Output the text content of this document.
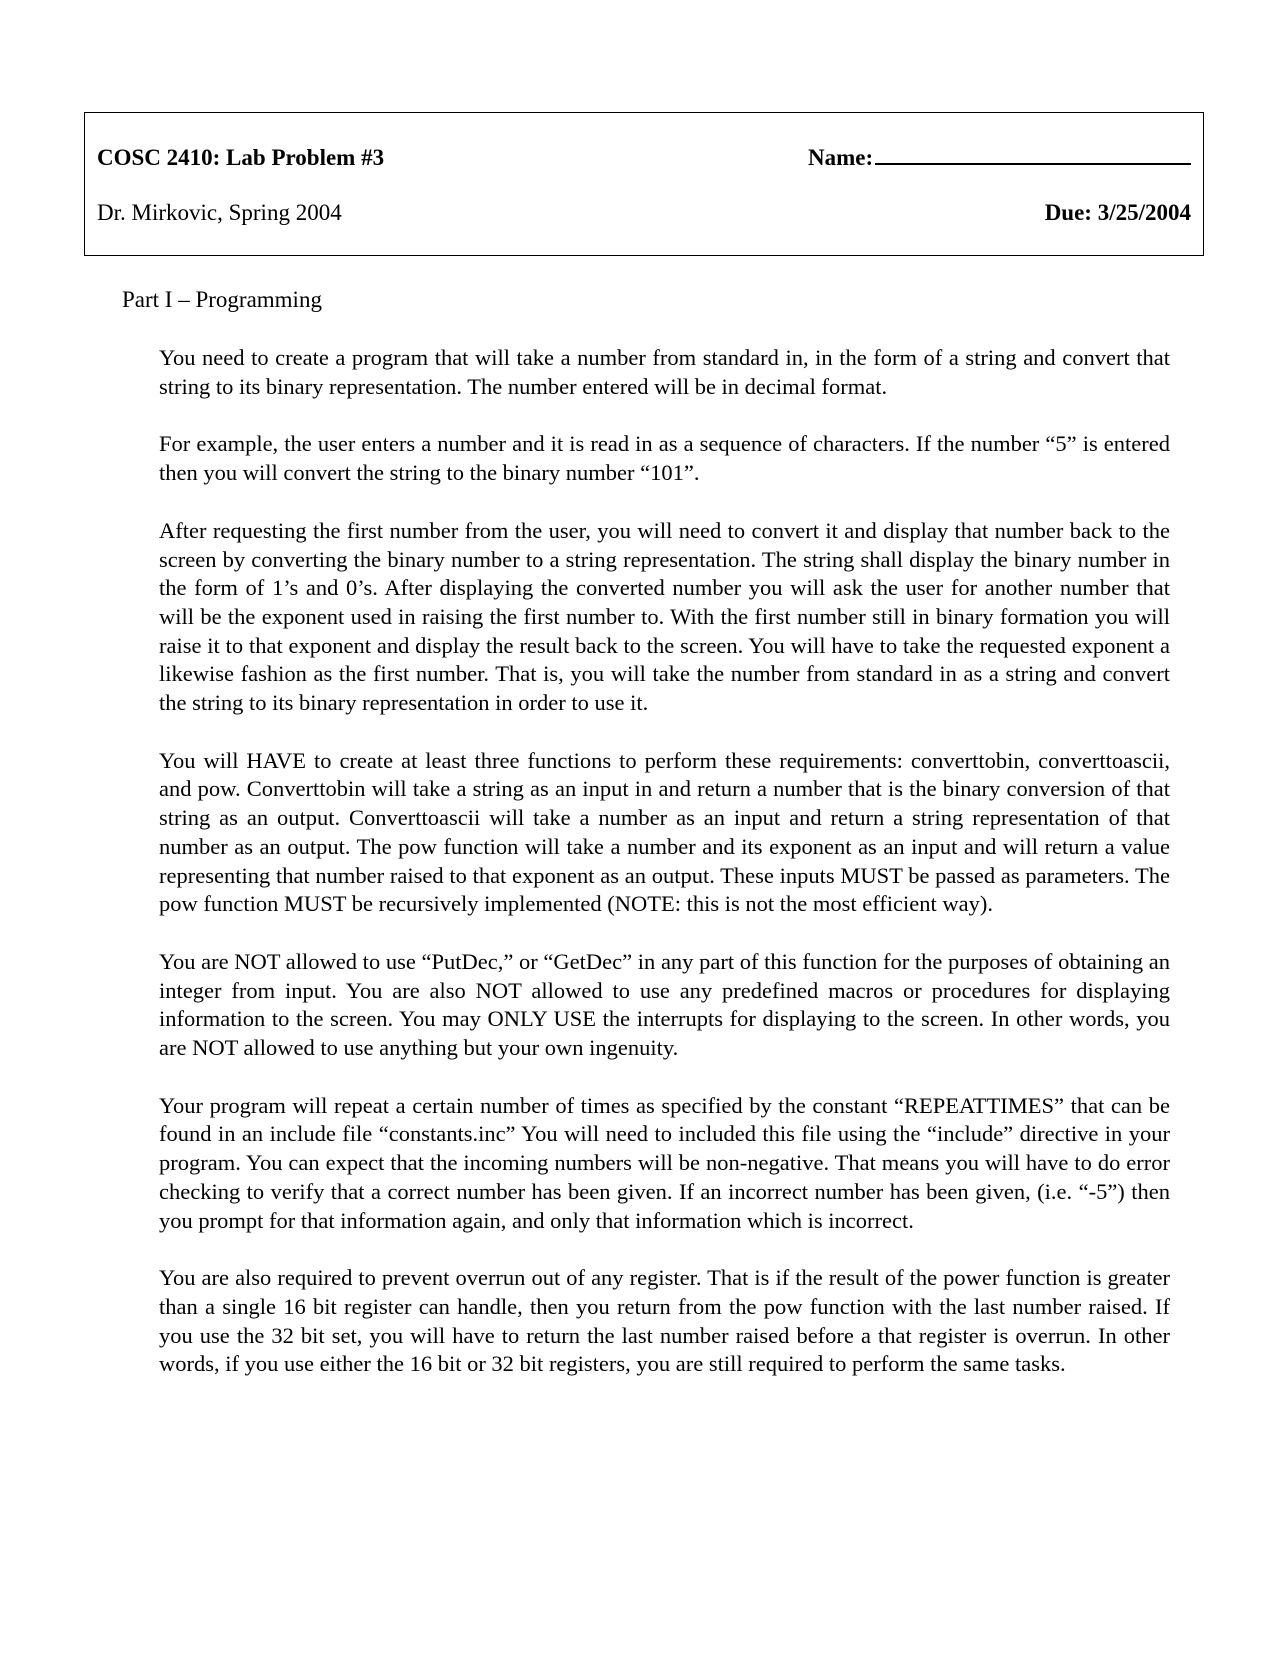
COSC 2410: Lab Problem #3	Name:
Dr. Mirkovic, Spring 2004	Due: 3/25/2004
Part I – Programming

You need to create a program that will take a number from standard in, in the form of a string and convert that string to its binary representation. The number entered will be in decimal format.

For example, the user enters a number and it is read in as a sequence of characters. If the number “5” is entered then you will convert the string to the binary number “101”.

After requesting the first number from the user, you will need to convert it and display that number back to the screen by converting the binary number to a string representation. The string shall display the binary number in the form of 1’s and 0’s. After displaying the converted number you will ask the user for another number that will be the exponent used in raising the first number to. With the first number still in binary formation you will raise it to that exponent and display the result back to the screen. You will have to take the requested exponent a likewise fashion as the first number. That is, you will take the number from standard in as a string and convert the string to its binary representation in order to use it.

You will HAVE to create at least three functions to perform these requirements: converttobin, converttoascii, and pow. Converttobin will take a string as an input in and return a number that is the binary conversion of that string as an output. Converttoascii will take a number as an input and return a string representation of that number as an output. The pow function will take a number and its exponent as an input and will return a value representing that number raised to that exponent as an output. These inputs MUST be passed as parameters. The pow function MUST be recursively implemented (NOTE: this is not the most efficient way).

You are NOT allowed to use “PutDec,” or “GetDec” in any part of this function for the purposes of obtaining an integer from input. You are also NOT allowed to use any predefined macros or procedures for displaying information to the screen. You may ONLY USE the interrupts for displaying to the screen. In other words, you are NOT allowed to use anything but your own ingenuity.

Your program will repeat a certain number of times as specified by the constant “REPEATTIMES” that can be found in an include file “constants.inc” You will need to included this file using the “include” directive in your program. You can expect that the incoming numbers will be non-negative. That means you will have to do error checking to verify that a correct number has been given. If an incorrect number has been given, (i.e. “-5”) then you prompt for that information again, and only that information which is incorrect.

You are also required to prevent overrun out of any register. That is if the result of the power function is greater than a single 16 bit register can handle, then you return from the pow function with the last number raised. If you use the 32 bit set, you will have to return the last number raised before a that register is overrun. In other words, if you use either the 16 bit or 32 bit registers, you are still required to perform the same tasks.
